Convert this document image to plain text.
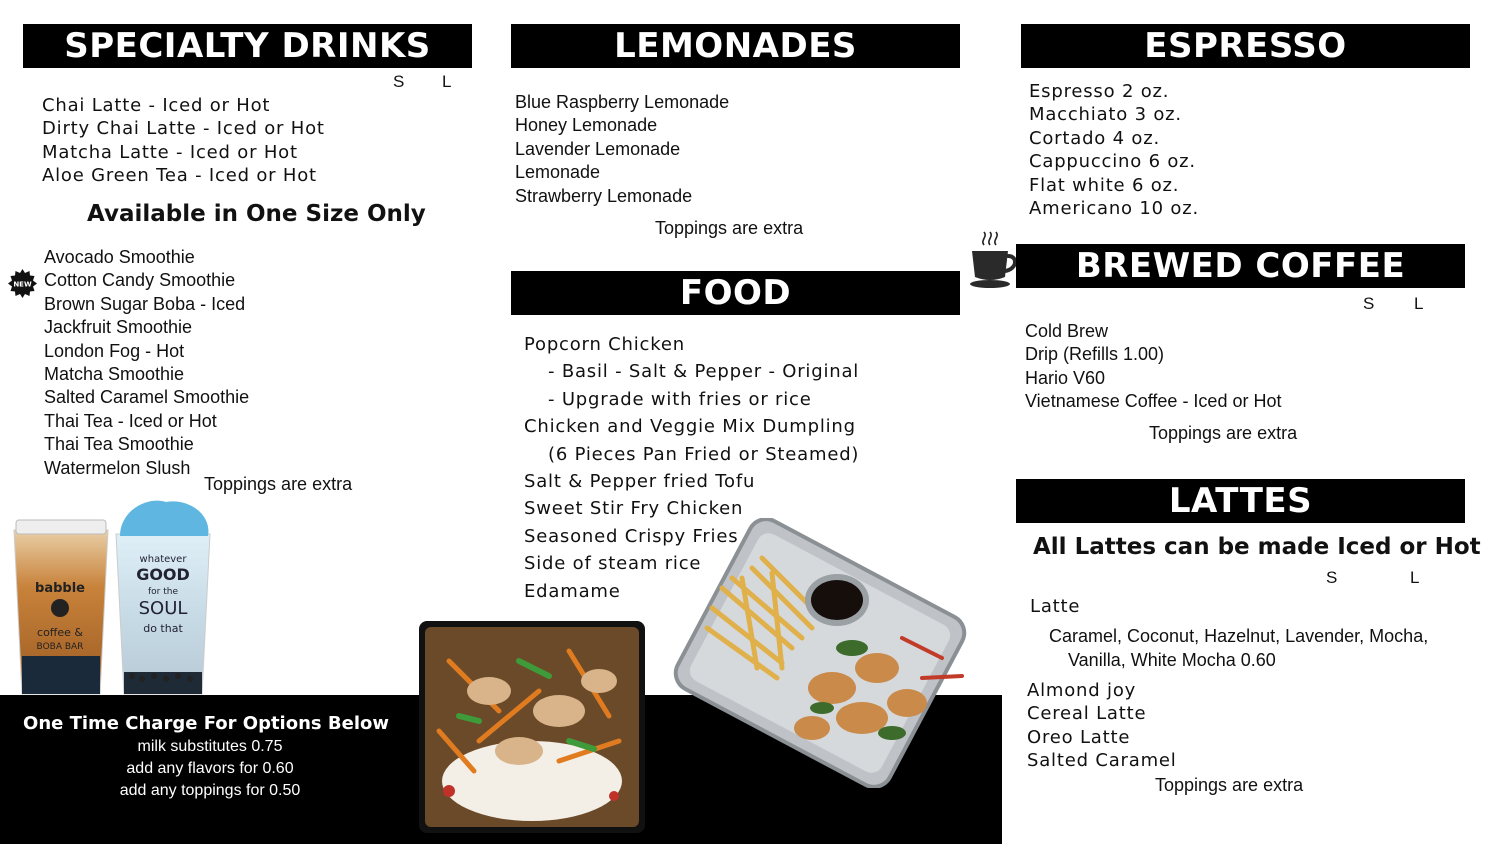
SPECIALTY DRINKS
S L
Chai Latte - Iced or Hot
Dirty Chai Latte - Iced or Hot
Matcha Latte - Iced or Hot
Aloe Green Tea - Iced or Hot
Available in One Size Only
Avocado Smoothie
Cotton Candy Smoothie
Brown Sugar Boba - Iced
Jackfruit Smoothie
London Fog - Hot
Matcha Smoothie
Salted Caramel Smoothie
Thai Tea - Iced or Hot
Thai Tea Smoothie
Watermelon Slush
NEW
Toppings are extra
babble
coffee &
BOBA BAR
whatever
GOOD
for the
SOUL
do that
One Time Charge For Options Below
milk substitutes 0.75
add any flavors for 0.60
add any toppings for 0.50
LEMONADES
Blue Raspberry Lemonade
Honey Lemonade
Lavender Lemonade
Lemonade
Strawberry Lemonade
Toppings are extra
FOOD
Popcorn Chicken
- Basil - Salt & Pepper - Original
- Upgrade with fries or rice
Chicken and Veggie Mix Dumpling
(6 Pieces Pan Fried or Steamed)
Salt & Pepper fried Tofu
Sweet Stir Fry Chicken
Seasoned Crispy Fries
Side of steam rice
Edamame
ESPRESSO
Espresso 2 oz.
Macchiato 3 oz.
Cortado 4 oz.
Cappuccino 6 oz.
Flat white 6 oz.
Americano 10 oz.
BREWED COFFEE
S L
Cold Brew
Drip (Refills 1.00)
Hario V60
Vietnamese Coffee - Iced or Hot
Toppings are extra
LATTES
All Lattes can be made Iced or Hot
S	L
Latte
Caramel, Coconut, Hazelnut, Lavender, Mocha,
Vanilla, White Mocha 0.60
Almond joy
Cereal Latte
Oreo Latte
Salted Caramel
Toppings are extra
